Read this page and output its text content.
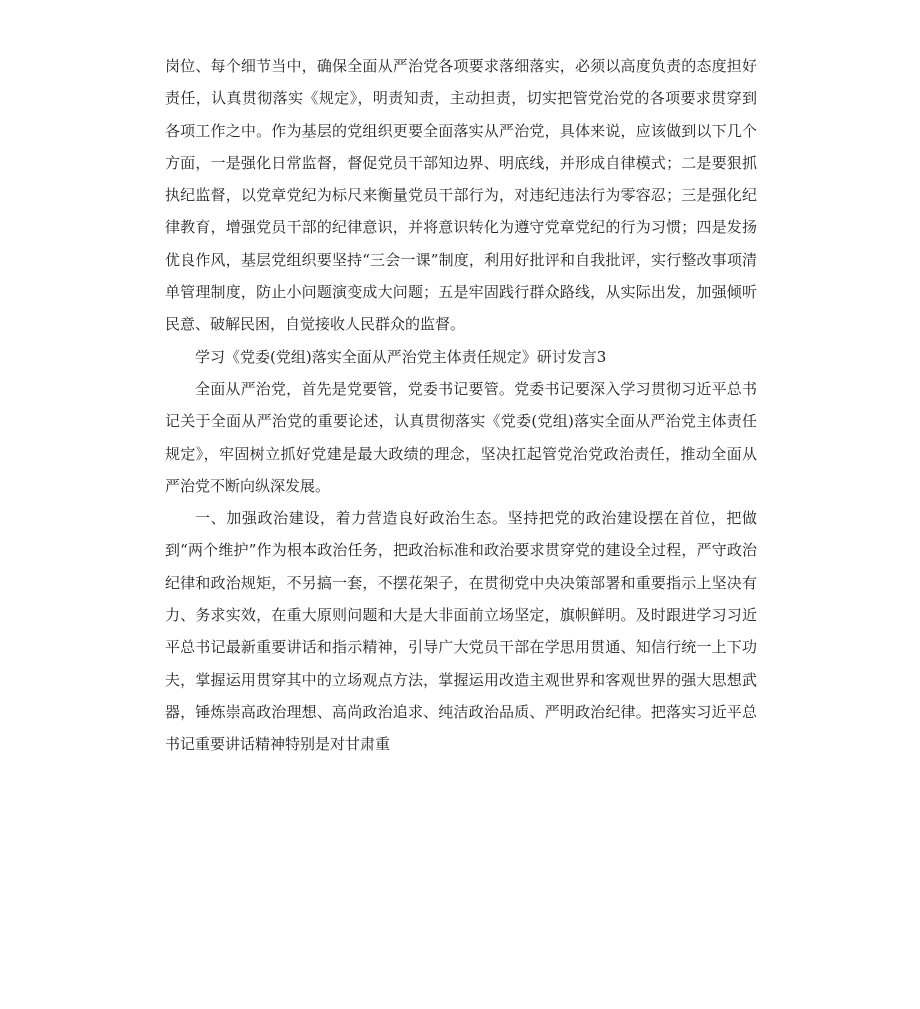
岗位、每个细节当中，确保全面从严治党各项要求落细落实，必须以高度负责的态度担好责任，认真贯彻落实《规定》，明责知责，主动担责，切实把管党治党的各项要求贯穿到各项工作之中。作为基层的党组织更要全面落实从严治党，具体来说，应该做到以下几个方面，一是强化日常监督，督促党员干部知边界、明底线，并形成自律模式；二是要狠抓执纪监督，以党章党纪为标尺来衡量党员干部行为，对违纪违法行为零容忍；三是强化纪律教育，增强党员干部的纪律意识，并将意识转化为遵守党章党纪的行为习惯；四是发扬优良作风，基层党组织要坚持“三会一课”制度，利用好批评和自我批评，实行整改事项清单管理制度，防止小问题演变成大问题；五是牢固践行群众路线，从实际出发，加强倾听民意、破解民困，自觉接收人民群众的监督。

学习《党委(党组)落实全面从严治党主体责任规定》研讨发言3

全面从严治党，首先是党要管，党委书记要管。党委书记要深入学习贯彻习近平总书记关于全面从严治党的重要论述，认真贯彻落实《党委(党组)落实全面从严治党主体责任规定》，牢固树立抓好党建是最大政绩的理念，坚决扛起管党治党政治责任，推动全面从严治党不断向纵深发展。

一、加强政治建设，着力营造良好政治生态。坚持把党的政治建设摆在首位，把做到“两个维护”作为根本政治任务，把政治标准和政治要求贯穿党的建设全过程，严守政治纪律和政治规矩，不另搞一套，不摆花架子，在贯彻党中央决策部署和重要指示上坚决有力、务求实效，在重大原则问题和大是大非面前立场坚定，旗帜鲜明。及时跟进学习习近平总书记最新重要讲话和指示精神，引导广大党员干部在学思用贯通、知信行统一上下功夫，掌握运用贯穿其中的立场观点方法，掌握运用改造主观世界和客观世界的强大思想武器，锤炼崇高政治理想、高尚政治追求、纯洁政治品质、严明政治纪律。把落实习近平总书记重要讲话精神特别是对甘肃重
